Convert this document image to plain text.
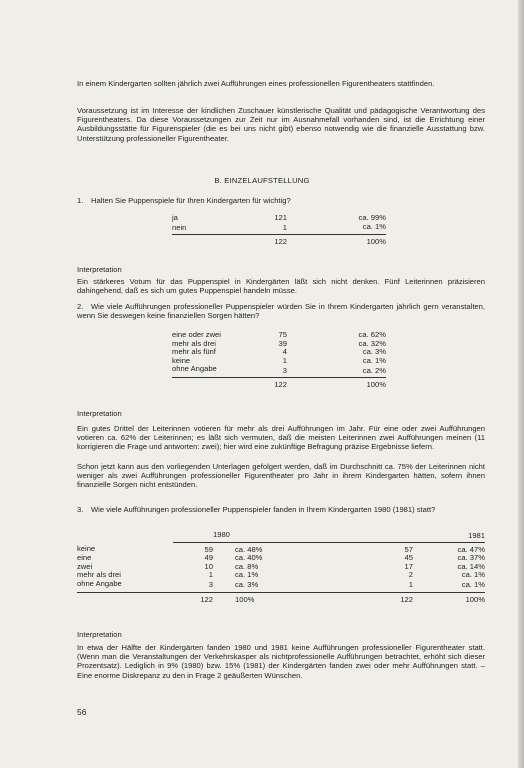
In einem Kindergarten sollten jährlich zwei Aufführungen eines professionellen Figurentheaters stattfinden.

Voraussetzung ist im Interesse der kindlichen Zuschauer künstlerische Qualität und pädagogische Verantwortung des Figurentheaters. Da diese Voraussetzungen zur Zeit nur im Ausnahmefall vorhanden sind, ist die Errichtung einer Ausbildungsstätte für Figurenspieler (die es bei uns nicht gibt) ebenso notwendig wie die finanzielle Ausstattung bzw. Unterstützung professioneller Figurentheater.

B. EINZELAUFSTELLUNG

1. Halten Sie Puppenspiele für Ihren Kindergarten für wichtig?

ja	121	ca. 99%
nein	1	ca. 1%
	122	100%

Interpretation

Ein stärkeres Votum für das Puppenspiel in Kindergärten läßt sich nicht denken. Fünf Leiterinnen präzisieren dahingehend, daß es sich um gutes Puppenspiel handeln müsse.

2. Wie viele Aufführungen professioneller Puppenspieler würden Sie in Ihrem Kindergarten jährlich gern veranstalten, wenn Sie deswegen keine finanziellen Sorgen hätten?

eine oder zwei	75	ca. 62%
mehr als drei	39	ca. 32%
mehr als fünf	4	ca. 3%
keine	1	ca. 1%
ohne Angabe	3	ca. 2%
	122	100%

Interpretation

Ein gutes Drittel der Leiterinnen votieren für mehr als drei Aufführungen im Jahr. Für eine oder zwei Aufführungen votieren ca. 62% der Leiterinnen; es läßt sich vermuten, daß die meisten Leiterinnen zwei Aufführungen meinen (11 korrigieren die Frage und antworten: zwei); hier wird eine zukünftige Befragung präzise Ergebnisse liefern.

Schon jetzt kann aus den vorliegenden Unterlagen gefolgert werden, daß im Durchschnitt ca. 75% der Leiterinnen nicht weniger als zwei Aufführungen professioneller Figurentheater pro Jahr in ihrem Kindergarten hätten, sofern ihnen finanzielle Sorgen nicht entstünden.

3. Wie viele Aufführungen professioneller Puppenspieler fanden in Ihrem Kindergarten 1980 (1981) statt?

		1980			1981
keine	59	ca. 48%		57	ca. 47%
eine	49	ca. 40%		45	ca. 37%
zwei	10	ca. 8%		17	ca. 14%
mehr als drei	1	ca. 1%		2	ca. 1%
ohne Angabe	3	ca. 3%		1	ca. 1%
	122	100%		122	100%

Interpretation

In etwa der Hälfte der Kindergärten fanden 1980 und 1981 keine Aufführungen professioneller Figurentheater statt. (Wenn man die Veranstaltungen der Verkehrskasper als nichtprofessionelle Aufführungen betrachtet, erhöht sich dieser Prozentsatz). Lediglich in 9% (1980) bzw. 15% (1981) der Kindergärten fanden zwei oder mehr Aufführungen statt. – Eine enorme Diskrepanz zu den in Frage 2 geäußerten Wünschen.

56
